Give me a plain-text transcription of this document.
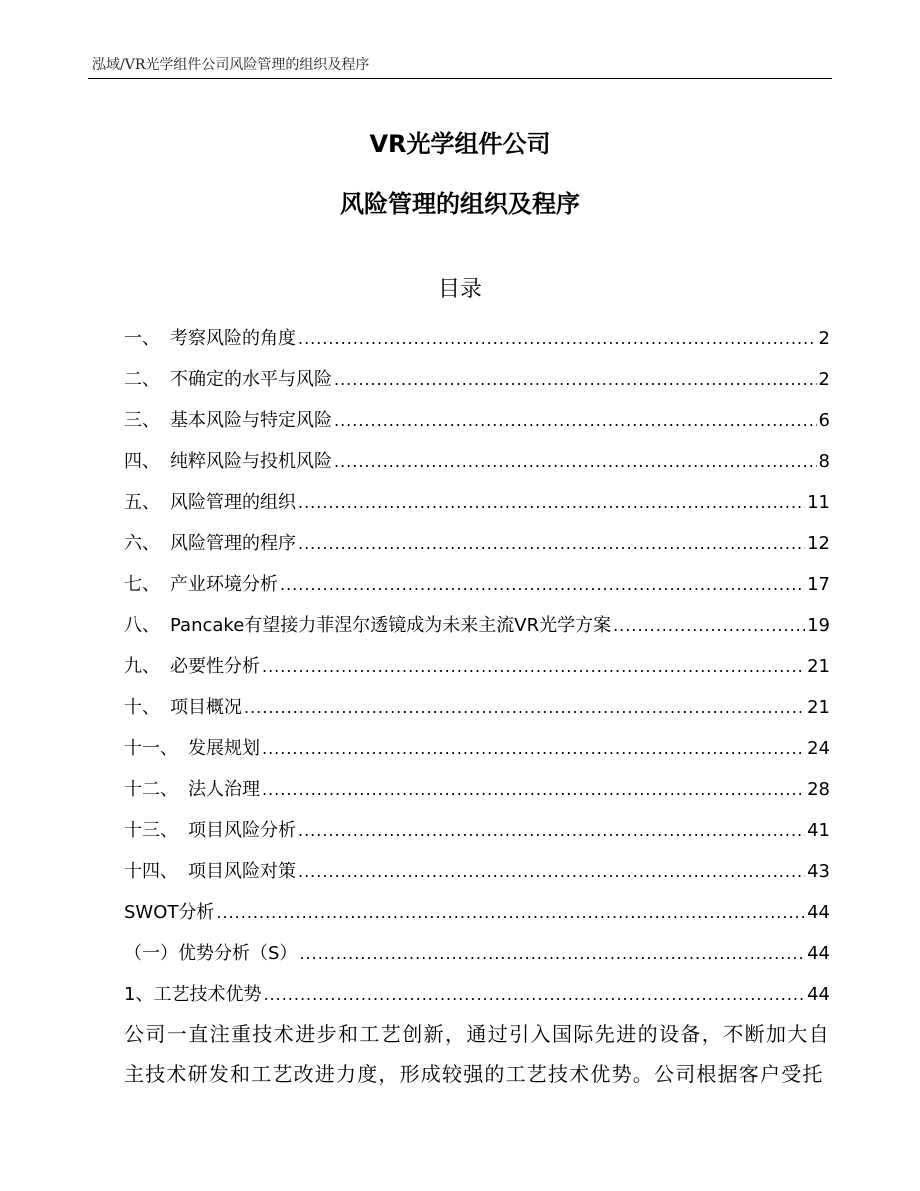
泓域/VR光学组件公司风险管理的组织及程序
VR光学组件公司
风险管理的组织及程序
目录
一、 考察风险的角度 .....	2
二、 不确定的水平与风险 .....	2
三、 基本风险与特定风险 .....	6
四、 纯粹风险与投机风险 .....	8
五、 风险管理的组织 .....	11
六、 风险管理的程序 .....	12
七、 产业环境分析 .....	17
八、 Pancake有望接力菲涅尔透镜成为未来主流VR光学方案 .....	19
九、 必要性分析 .....	21
十、 项目概况 .....	21
十一、 发展规划 .....	24
十二、 法人治理 .....	28
十三、 项目风险分析 .....	41
十四、 项目风险对策 .....	43
SWOT分析 .....	44
（一）优势分析（S） .....	44
1、工艺技术优势 .....	44
公司一直注重技术进步和工艺创新，通过引入国际先进的设备，不断加大自主技术研发和工艺改进力度，形成较强的工艺技术优势。公司根据客户受托
